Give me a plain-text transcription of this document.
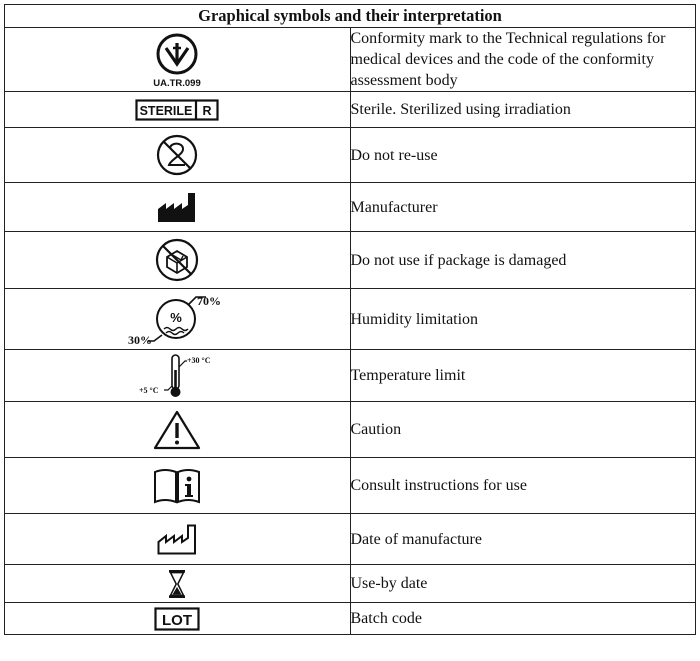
Graphical symbols and their interpretation	

UA.TR.099	Conformity mark to the Technical regulations for medical devices and the code of the conformity assessment body

STERILE R	Sterile. Sterilized using irradiation

	Do not re-use

	Manufacturer

	Do not use if package is damaged

%
70%
30%	Humidity limitation

+30 °C
+5 °C	Temperature limit

	Caution

	Consult instructions for use

	Date of manufacture

	Use-by date

LOT	Batch code
